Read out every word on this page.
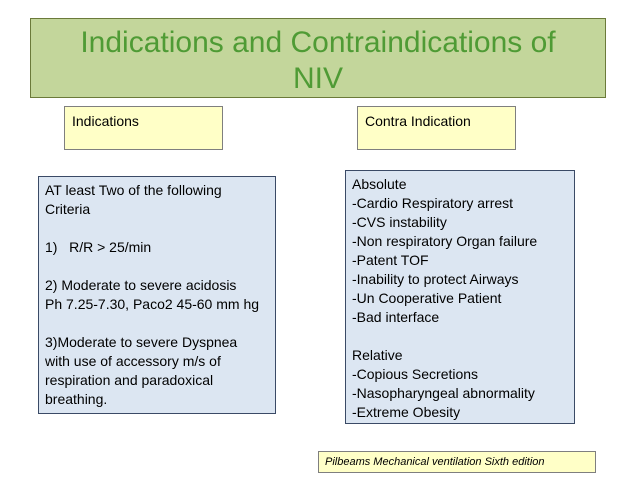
Indications and Contraindications of
NIV
Indications	Contra Indication
AT least Two of the following
Criteria
1)   R/R > 25/min
2) Moderate to severe acidosis
Ph 7.25-7.30, Paco2 45-60 mm hg
3)Moderate to severe Dyspnea
with use of accessory m/s of
respiration and paradoxical
breathing.
Absolute
-Cardio Respiratory arrest
-CVS instability
-Non respiratory Organ failure
-Patent TOF
-Inability to protect Airways
-Un Cooperative Patient
-Bad interface
Relative
-Copious Secretions
-Nasopharyngeal abnormality
-Extreme Obesity
Pilbeams Mechanical ventilation Sixth edition
